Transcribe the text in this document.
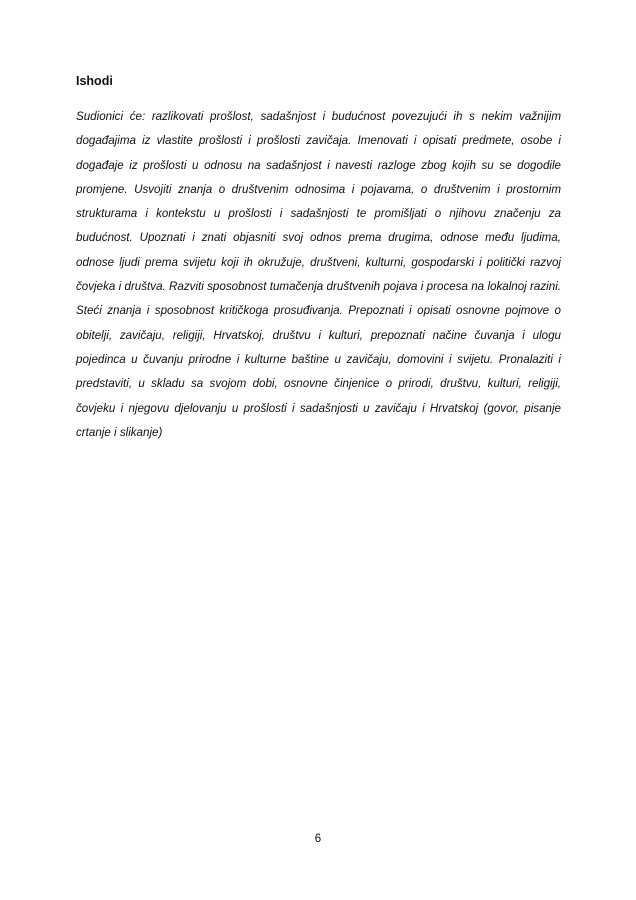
Ishodi

Sudionici će: razlikovati prošlost, sadašnjost i budućnost povezujući ih s nekim važnijim događajima iz vlastite prošlosti i prošlosti zavičaja. Imenovati i opisati predmete, osobe i događaje iz prošlosti u odnosu na sadašnjost i navesti razloge zbog kojih su se dogodile promjene. Usvojiti znanja o društvenim odnosima i pojavama, o društvenim i prostornim strukturama i kontekstu u prošlosti i sadašnjosti te promišljati o njihovu značenju za budućnost. Upoznati i znati objasniti svoj odnos prema drugima, odnose među ljudima, odnose ljudi prema svijetu koji ih okružuje, društveni, kulturni, gospodarski i politički razvoj čovjeka i društva. Razviti sposobnost tumačenja društvenih pojava i procesa na lokalnoj razini. Steći znanja i sposobnost kritičkoga prosuđivanja. Prepoznati i opisati osnovne pojmove o obitelji, zavičaju, religiji, Hrvatskoj, društvu i kulturi, prepoznati načine čuvanja i ulogu pojedinca u čuvanju prirodne i kulturne baštine u zavičaju, domovini i svijetu. Pronalaziti i predstaviti, u skladu sa svojom dobi, osnovne činjenice o prirodi, društvu, kulturi, religiji, čovjeku i njegovu djelovanju u prošlosti i sadašnjosti u zavičaju i Hrvatskoj (govor, pisanje crtanje i slikanje)

6
